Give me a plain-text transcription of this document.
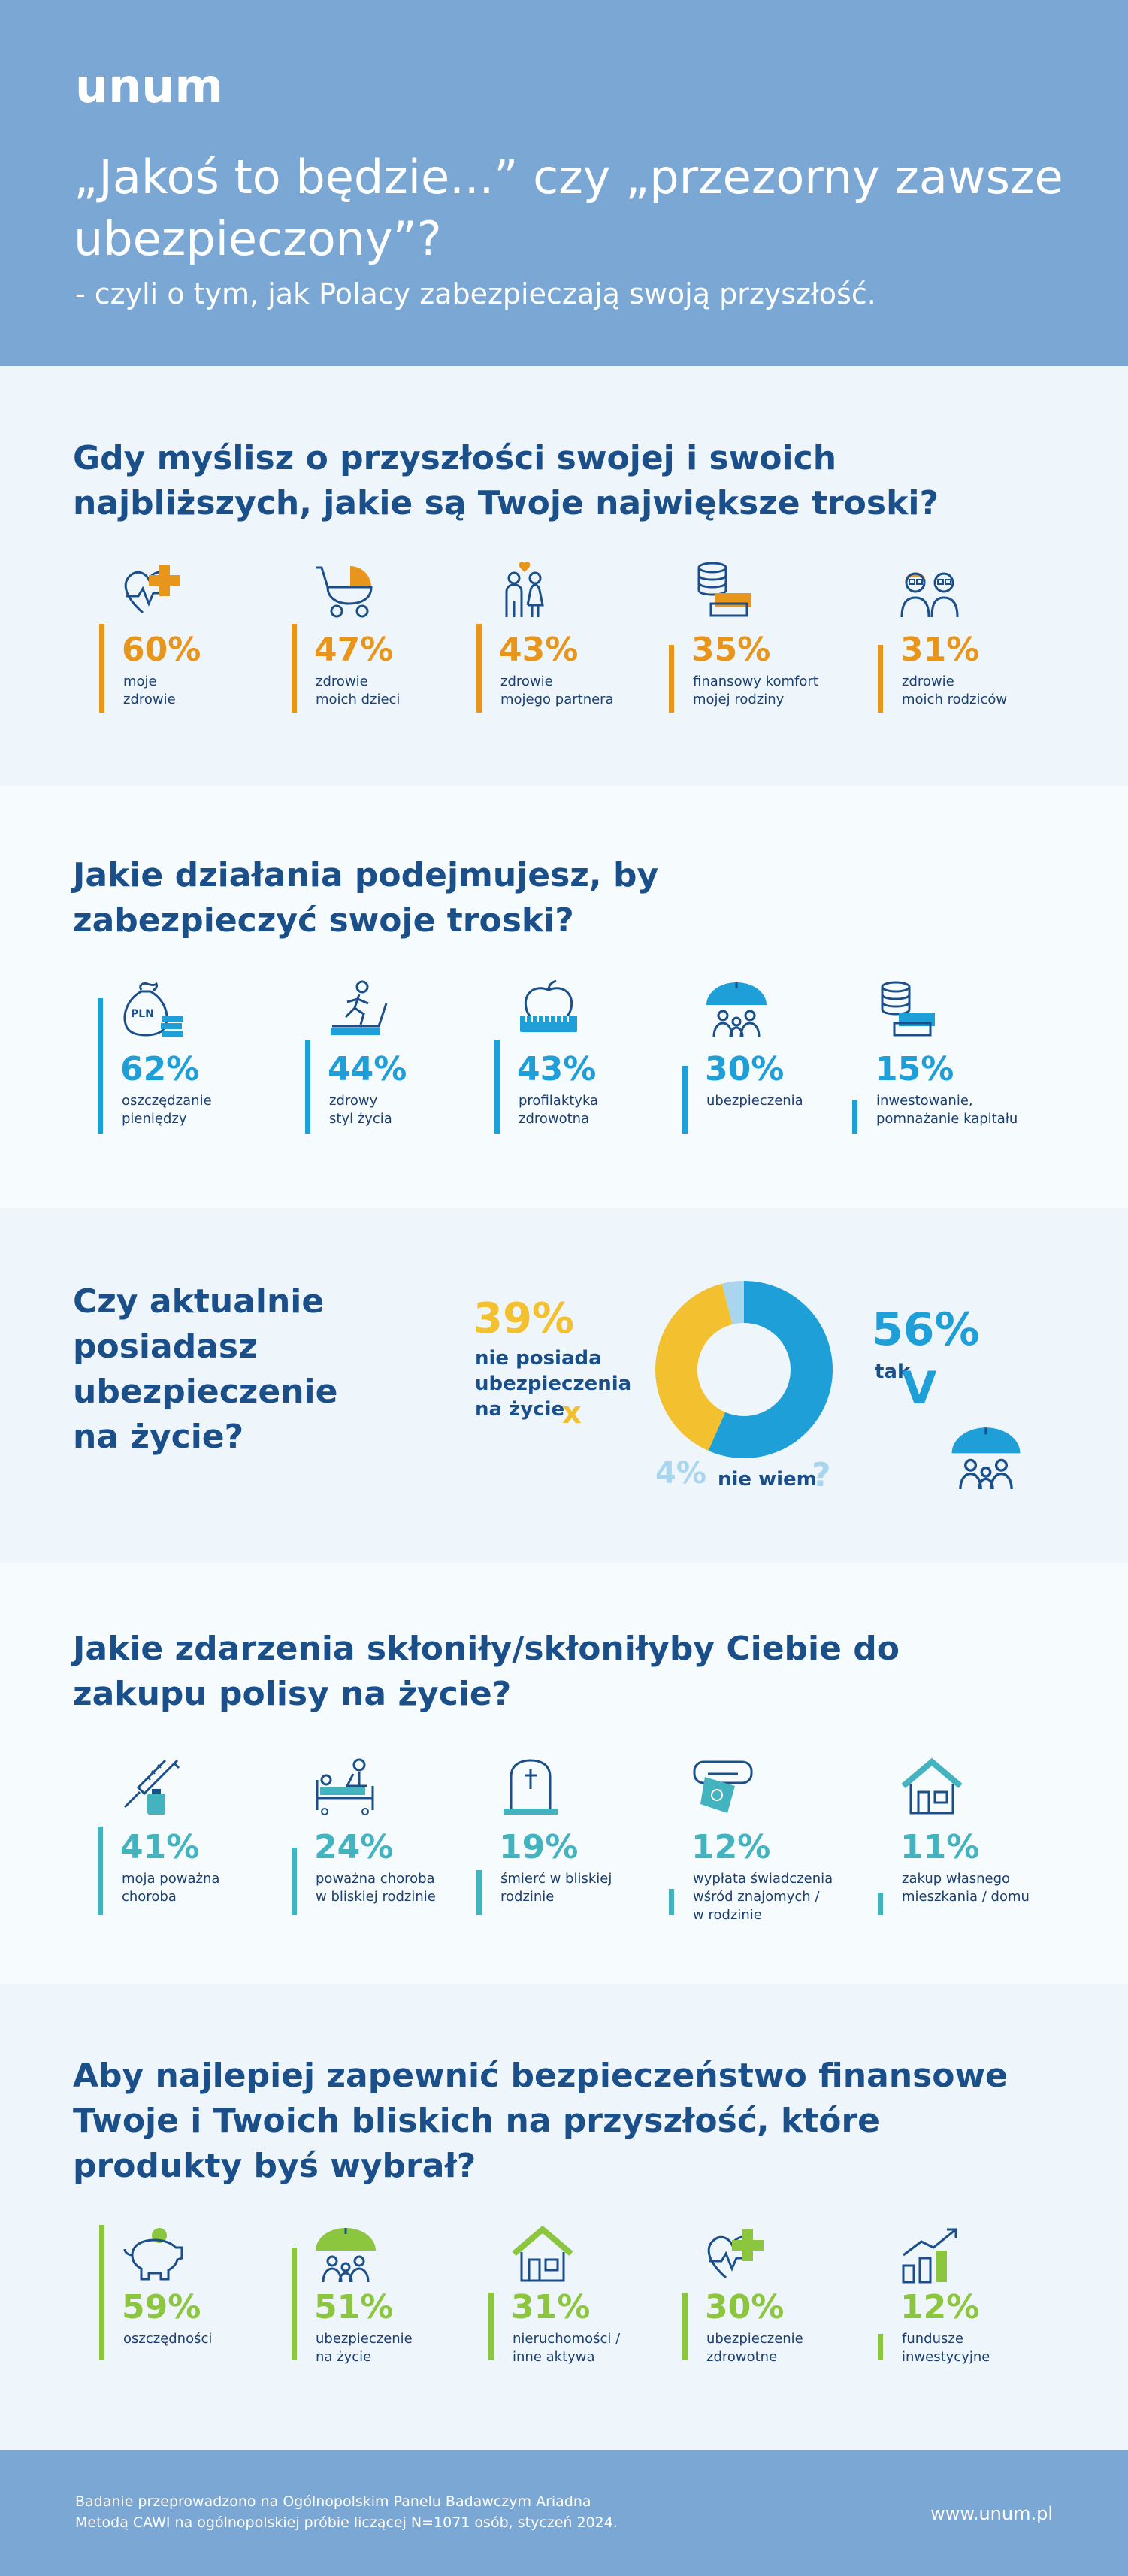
unum
„Jakoś to będzie...” czy „przezorny zawsze ubezpieczony”?
- czyli o tym, jak Polacy zabezpieczają swoją przyszłość.
Gdy myślisz o przyszłości swojej i swoich najbliższych, jakie są Twoje największe troski?
60%
moje
zdrowie
47%
zdrowie
moich dzieci
43%
zdrowie
mojego partnera
35%
finansowy komfort
mojej rodziny
31%
zdrowie
moich rodziców
Jakie działania podejmujesz, by zabezpieczyć swoje troski?
PLN
62%
oszczędzanie
pieniędzy
44%
zdrowy
styl życia
43%
profilaktyka
zdrowotna
30%
ubezpieczenia
15%
inwestowanie,
pomnażanie kapitału
Czy aktualnie posiadasz ubezpieczenie na życie?
39%
nie posiada ubezpieczenia na życie
x
56%
tak
V
4% nie wiem
?
Jakie zdarzenia skłoniły/skłoniłyby Ciebie do zakupu polisy na życie?
41%
moja poważna
choroba
24%
poważna choroba
w bliskiej rodzinie
19%
śmierć w bliskiej
rodzinie
12%
wypłata świadczenia
wśród znajomych /
w rodzinie
11%
zakup własnego
mieszkania / domu
Aby najlepiej zapewnić bezpieczeństwo finansowe Twoje i Twoich bliskich na przyszłość, które produkty byś wybrał?
59%
oszczędności
51%
ubezpieczenie
na życie
31%
nieruchomości /
inne aktywa
30%
ubezpieczenie
zdrowotne
12%
fundusze
inwestycyjne
Badanie przeprowadzono na Ogólnopolskim Panelu Badawczym Ariadna
Metodą CAWI na ogólnopolskiej próbie liczącej N=1071 osób, styczeń 2024.	www.unum.pl
